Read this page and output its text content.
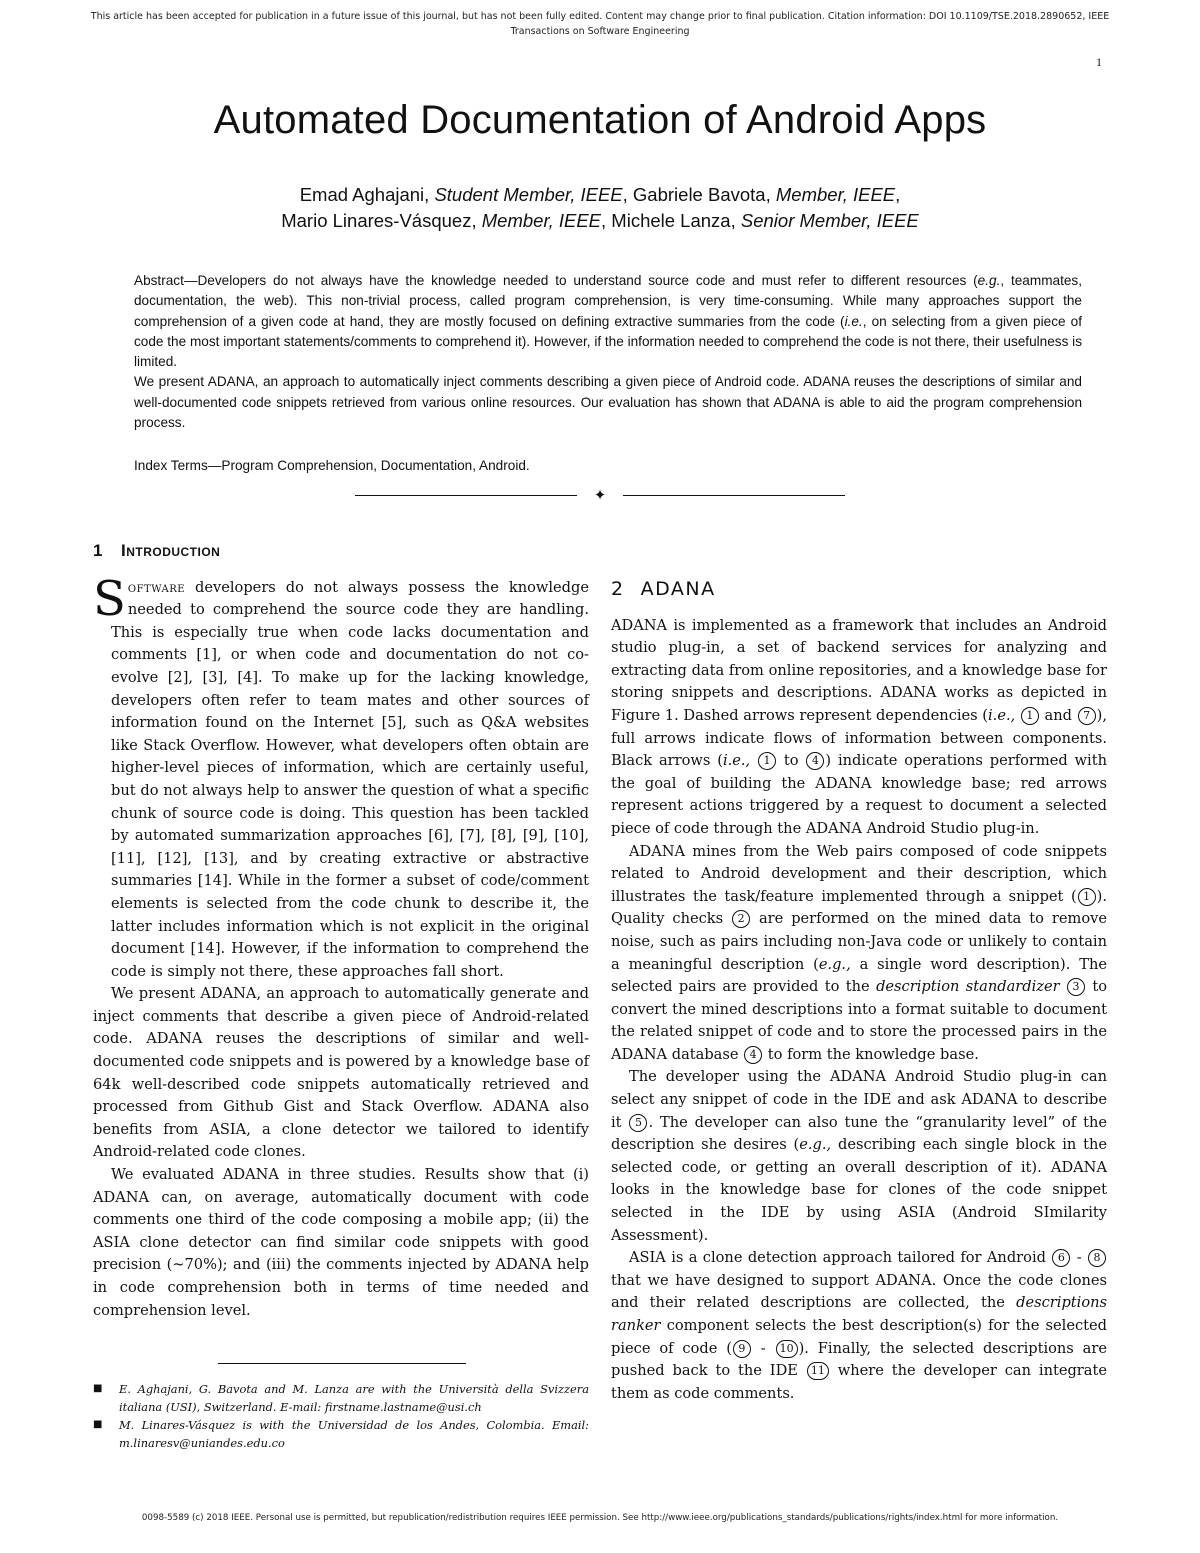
This article has been accepted for publication in a future issue of this journal, but has not been fully edited. Content may change prior to final publication. Citation information: DOI 10.1109/TSE.2018.2890652, IEEE
Transactions on Software Engineering
1
Automated Documentation of Android Apps
Emad Aghajani, Student Member, IEEE, Gabriele Bavota, Member, IEEE,
Mario Linares-Vásquez, Member, IEEE, Michele Lanza, Senior Member, IEEE

Abstract—Developers do not always have the knowledge needed to understand source code and must refer to different resources (e.g., teammates, documentation, the web). This non-trivial process, called program comprehension, is very time-consuming. While many approaches support the comprehension of a given code at hand, they are mostly focused on defining extractive summaries from the code (i.e., on selecting from a given piece of code the most important statements/comments to comprehend it). However, if the information needed to comprehend the code is not there, their usefulness is limited.

We present ADANA, an approach to automatically inject comments describing a given piece of Android code. ADANA reuses the descriptions of similar and well-documented code snippets retrieved from various online resources. Our evaluation has shown that ADANA is able to aid the program comprehension process.

Index Terms—Program Comprehension, Documentation, Android.
✦
1 Introduction

Software developers do not always possess the knowledge needed to comprehend the source code they are handling. This is especially true when code lacks documentation and comments [1], or when code and documentation do not co-evolve [2], [3], [4]. To make up for the lacking knowledge, developers often refer to team mates and other sources of information found on the Internet [5], such as Q&A websites like Stack Overflow. However, what developers often obtain are higher-level pieces of information, which are certainly useful, but do not always help to answer the question of what a specific chunk of source code is doing. This question has been tackled by automated summarization approaches [6], [7], [8], [9], [10], [11], [12], [13], and by creating extractive or abstractive summaries [14]. While in the former a subset of code/comment elements is selected from the code chunk to describe it, the latter includes information which is not explicit in the original document [14]. However, if the information to comprehend the code is simply not there, these approaches fall short.

We present ADANA, an approach to automatically generate and inject comments that describe a given piece of Android-related code. ADANA reuses the descriptions of similar and well-documented code snippets and is powered by a knowledge base of 64k well-described code snippets automatically retrieved and processed from Github Gist and Stack Overflow. ADANA also benefits from ASIA, a clone detector we tailored to identify Android-related code clones.

We evaluated ADANA in three studies. Results show that (i) ADANA can, on average, automatically document with code comments one third of the code composing a mobile app; (ii) the ASIA clone detector can find similar code snippets with good precision (~70%); and (iii) the comments injected by ADANA help in code comprehension both in terms of time needed and comprehension level.

■ E. Aghajani, G. Bavota and M. Lanza are with the Università della Svizzera italiana (USI), Switzerland. E-mail: firstname.lastname@usi.ch
■ M. Linares-Vásquez is with the Universidad de los Andes, Colombia. Email: m.linaresv@uniandes.edu.co
2 ADANA

ADANA is implemented as a framework that includes an Android studio plug-in, a set of backend services for analyzing and extracting data from online repositories, and a knowledge base for storing snippets and descriptions. ADANA works as depicted in Figure 1. Dashed arrows represent dependencies (i.e., 1 and 7 ), full arrows indicate flows of information between components. Black arrows (i.e., 1 to 4 ) indicate operations performed with the goal of building the ADANA knowledge base; red arrows represent actions triggered by a request to document a selected piece of code through the ADANA Android Studio plug-in.

ADANA mines from the Web pairs composed of code snippets related to Android development and their description, which illustrates the task/feature implemented through a snippet ( 1 ). Quality checks 2 are performed on the mined data to remove noise, such as pairs including non-Java code or unlikely to contain a meaningful description (e.g., a single word description). The selected pairs are provided to the description standardizer 3 to convert the mined descriptions into a format suitable to document the related snippet of code and to store the processed pairs in the ADANA database 4 to form the knowledge base.

The developer using the ADANA Android Studio plug-in can select any snippet of code in the IDE and ask ADANA to describe it 5 . The developer can also tune the “granularity level” of the description she desires (e.g., describing each single block in the selected code, or getting an overall description of it). ADANA looks in the knowledge base for clones of the code snippet selected in the IDE by using ASIA (Android SImilarity Assessment).

ASIA is a clone detection approach tailored for Android 6 - 8 that we have designed to support ADANA. Once the code clones and their related descriptions are collected, the descriptions ranker component selects the best description(s) for the selected piece of code ( 9 - 10 ). Finally, the selected descriptions are pushed back to the IDE 11 where the developer can integrate them as code comments.

0098-5589 (c) 2018 IEEE. Personal use is permitted, but republication/redistribution requires IEEE permission. See http://www.ieee.org/publications_standards/publications/rights/index.html for more information.
